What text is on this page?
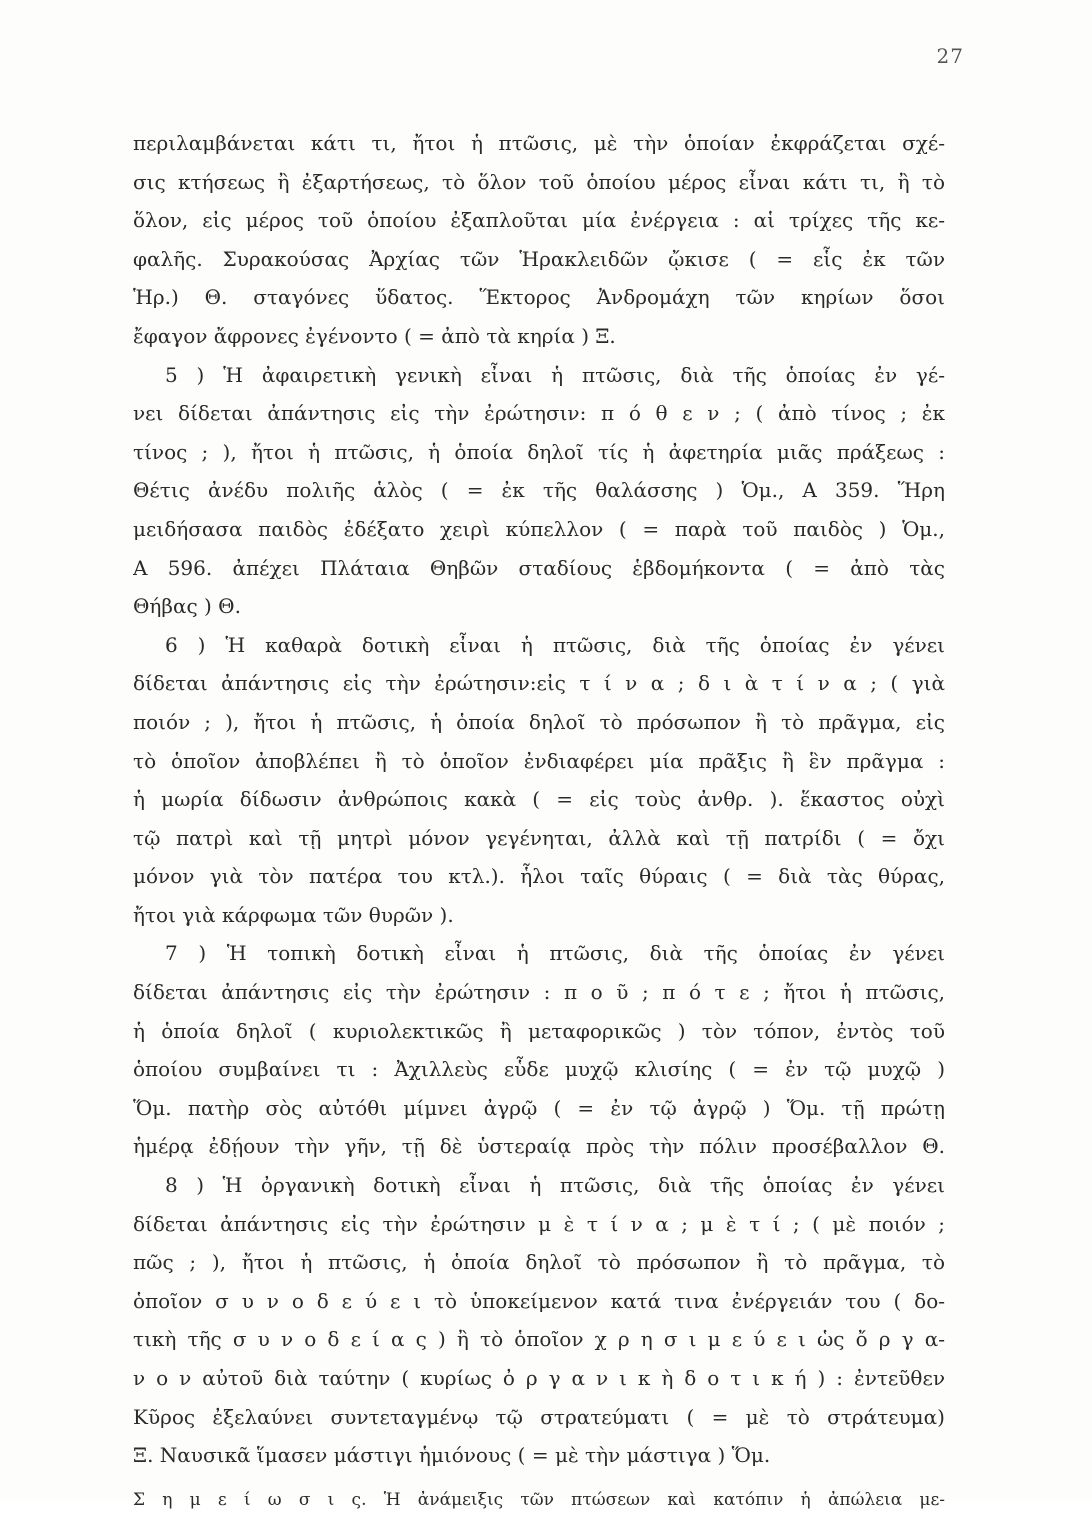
27
περιλαμβάνεται κάτι τι, ἤτοι ἡ πτῶσις, μὲ τὴν ὁποίαν ἐκφράζεται σχέ-
σις κτήσεως ἢ ἐξαρτήσεως, τὸ ὅλον τοῦ ὁποίου μέρος εἶναι κάτι τι, ἢ τὸ
ὅλον, εἰς μέρος τοῦ ὁποίου ἐξαπλοῦται μία ἐνέργεια : αἱ τρίχες τῆς κε-
φαλῆς. Συρακούσας Ἀρχίας τῶν Ἡρακλειδῶν ᾤκισε ( = εἷς ἐκ τῶν
Ἡρ.) Θ. σταγόνες ὕδατος. Ἕκτορος Ἀνδρομάχη τῶν κηρίων ὅσοι
ἔφαγον ἄφρονες ἐγένοντο ( = ἀπὸ τὰ κηρία ) Ξ.
5 ) Ἡ ἀφαιρετικὴ γενικὴ εἶναι ἡ πτῶσις, διὰ τῆς ὁποίας ἐν γέ-
νει δίδεται ἀπάντησις εἰς τὴν ἐρώτησιν: π ό θ ε ν ; ( ἀπὸ τίνος ; ἐκ
τίνος ; ), ἤτοι ἡ πτῶσις, ἡ ὁποία δηλοῖ τίς ἡ ἀφετηρία μιᾶς πράξεως :
Θέτις ἀνέδυ πολιῆς ἁλὸς ( = ἐκ τῆς θαλάσσης ) Ὁμ., Α 359. Ἥρη
μειδήσασα παιδὸς ἐδέξατο χειρὶ κύπελλον ( = παρὰ τοῦ παιδὸς ) Ὁμ.,
Α 596. ἀπέχει Πλάταια Θηβῶν σταδίους ἑβδομήκοντα ( = ἀπὸ τὰς
Θήβας ) Θ.
6 ) Ἡ καθαρὰ δοτικὴ εἶναι ἡ πτῶσις, διὰ τῆς ὁποίας ἐν γένει
δίδεται ἀπάντησις εἰς τὴν ἐρώτησιν:εἰς τ ί ν α ; δ ι ὰ τ ί ν α ; ( γιὰ
ποιόν ; ), ἤτοι ἡ πτῶσις, ἡ ὁποία δηλοῖ τὸ πρόσωπον ἢ τὸ πρᾶγμα, εἰς
τὸ ὁποῖον ἀποβλέπει ἢ τὸ ὁποῖον ἐνδιαφέρει μία πρᾶξις ἢ ἓν πρᾶγμα :
ἡ μωρία δίδωσιν ἀνθρώποις κακὰ ( = εἰς τοὺς ἀνθρ. ). ἕκαστος οὐχὶ
τῷ πατρὶ καὶ τῇ μητρὶ μόνον γεγένηται, ἀλλὰ καὶ τῇ πατρίδι ( = ὄχι
μόνον γιὰ τὸν πατέρα του κτλ.). ἧλοι ταῖς θύραις ( = διὰ τὰς θύρας,
ἤτοι γιὰ κάρφωμα τῶν θυρῶν ).
7 ) Ἡ τοπικὴ δοτικὴ εἶναι ἡ πτῶσις, διὰ τῆς ὁποίας ἐν γένει
δίδεται ἀπάντησις εἰς τὴν ἐρώτησιν : π ο ῦ ; π ό τ ε ; ἤτοι ἡ πτῶσις,
ἡ ὁποία δηλοῖ ( κυριολεκτικῶς ἢ μεταφορικῶς ) τὸν τόπον, ἐντὸς τοῦ
ὁποίου συμβαίνει τι : Ἀχιλλεὺς εὗδε μυχῷ κλισίης ( = ἐν τῷ μυχῷ )
Ὅμ. πατὴρ σὸς αὐτόθι μίμνει ἀγρῷ ( = ἐν τῷ ἀγρῷ ) Ὅμ. τῇ πρώτῃ
ἡμέρᾳ ἐδῄουν τὴν γῆν, τῇ δὲ ὑστεραίᾳ πρὸς τὴν πόλιν προσέβαλλον Θ.
8 ) Ἡ ὀργανικὴ δοτικὴ εἶναι ἡ πτῶσις, διὰ τῆς ὁποίας ἐν γένει
δίδεται ἀπάντησις εἰς τὴν ἐρώτησιν μ ὲ τ ί ν α ; μ ὲ τ ί ; ( μὲ ποιόν ;
πῶς ; ), ἤτοι ἡ πτῶσις, ἡ ὁποία δηλοῖ τὸ πρόσωπον ἢ τὸ πρᾶγμα, τὸ
ὁποῖον σ υ ν ο δ ε ύ ε ι τὸ ὑποκείμενον κατά τινα ἐνέργειάν του ( δο-
τικὴ τῆς σ υ ν ο δ ε ί α ς ) ἢ τὸ ὁποῖον χ ρ η σ ι μ ε ύ ε ι ὡς ὄ ρ γ α-
ν ο ν αὐτοῦ διὰ ταύτην ( κυρίως ὀ ρ γ α ν ι κ ὴ δ ο τ ι κ ή ) : ἐντεῦθεν
Κῦρος ἐξελαύνει συντεταγμένῳ τῷ στρατεύματι ( = μὲ τὸ στράτευμα)
Ξ. Ναυσικᾶ ἵμασεν μάστιγι ἡμιόνους ( = μὲ τὴν μάστιγα ) Ὅμ.
Σ η μ ε ί ω σ ι ς. Ἡ ἀνάμειξις τῶν πτώσεων καὶ κατόπιν ἡ ἀπώλεια με-
